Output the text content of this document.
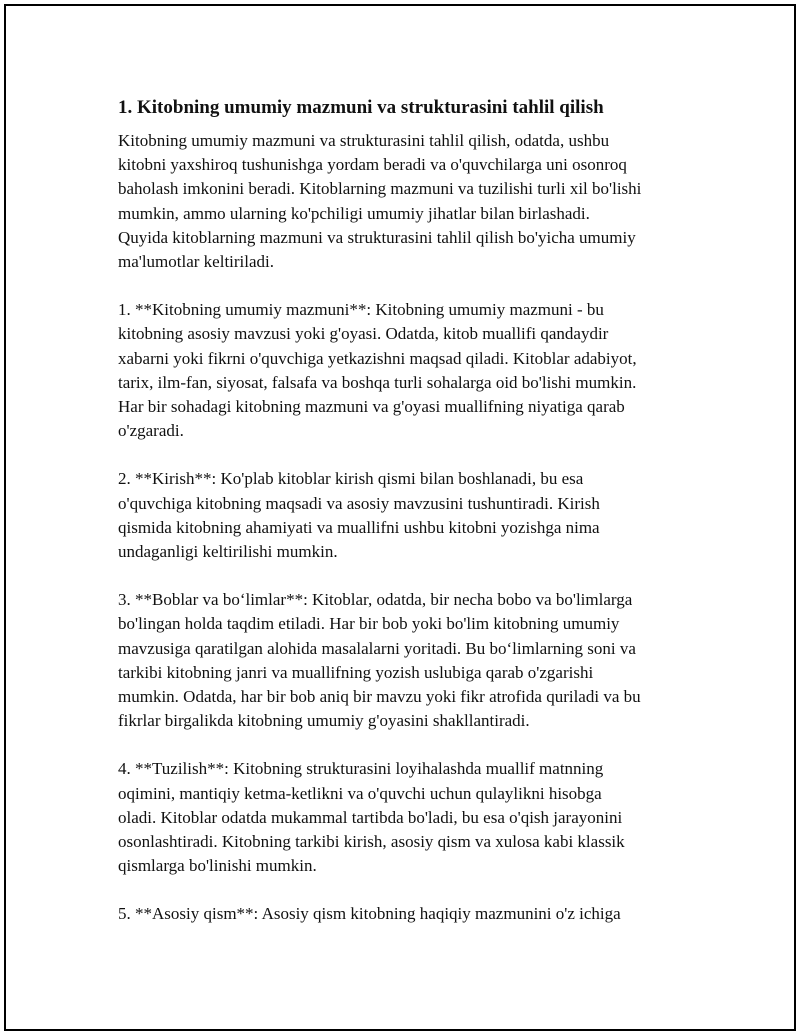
1. Kitobning umumiy mazmuni va strukturasini tahlil qilish

Kitobning umumiy mazmuni va strukturasini tahlil qilish, odatda, ushbu
kitobni yaxshiroq tushunishga yordam beradi va o'quvchilarga uni osonroq
baholash imkonini beradi. Kitoblarning mazmuni va tuzilishi turli xil bo'lishi
mumkin, ammo ularning ko'pchiligi umumiy jihatlar bilan birlashadi.
Quyida kitoblarning mazmuni va strukturasini tahlil qilish bo'yicha umumiy
ma'lumotlar keltiriladi.

1. **Kitobning umumiy mazmuni**: Kitobning umumiy mazmuni - bu
kitobning asosiy mavzusi yoki g'oyasi. Odatda, kitob muallifi qandaydir
xabarni yoki fikrni o'quvchiga yetkazishni maqsad qiladi. Kitoblar adabiyot,
tarix, ilm-fan, siyosat, falsafa va boshqa turli sohalarga oid bo'lishi mumkin.
Har bir sohadagi kitobning mazmuni va g'oyasi muallifning niyatiga qarab
o'zgaradi.

2. **Kirish**: Ko'plab kitoblar kirish qismi bilan boshlanadi, bu esa
o'quvchiga kitobning maqsadi va asosiy mavzusini tushuntiradi. Kirish
qismida kitobning ahamiyati va muallifni ushbu kitobni yozishga nima
undaganligi keltirilishi mumkin.

3. **Boblar va bo‘limlar**: Kitoblar, odatda, bir necha bobo va bo'limlarga
bo'lingan holda taqdim etiladi. Har bir bob yoki bo'lim kitobning umumiy
mavzusiga qaratilgan alohida masalalarni yoritadi. Bu bo‘limlarning soni va
tarkibi kitobning janri va muallifning yozish uslubiga qarab o'zgarishi
mumkin. Odatda, har bir bob aniq bir mavzu yoki fikr atrofida quriladi va bu
fikrlar birgalikda kitobning umumiy g'oyasini shakllantiradi.

4. **Tuzilish**: Kitobning strukturasini loyihalashda muallif matnning
oqimini, mantiqiy ketma-ketlikni va o'quvchi uchun qulaylikni hisobga
oladi. Kitoblar odatda mukammal tartibda bo'ladi, bu esa o'qish jarayonini
osonlashtiradi. Kitobning tarkibi kirish, asosiy qism va xulosa kabi klassik
qismlarga bo'linishi mumkin.

5. **Asosiy qism**: Asosiy qism kitobning haqiqiy mazmunini o'z ichiga
